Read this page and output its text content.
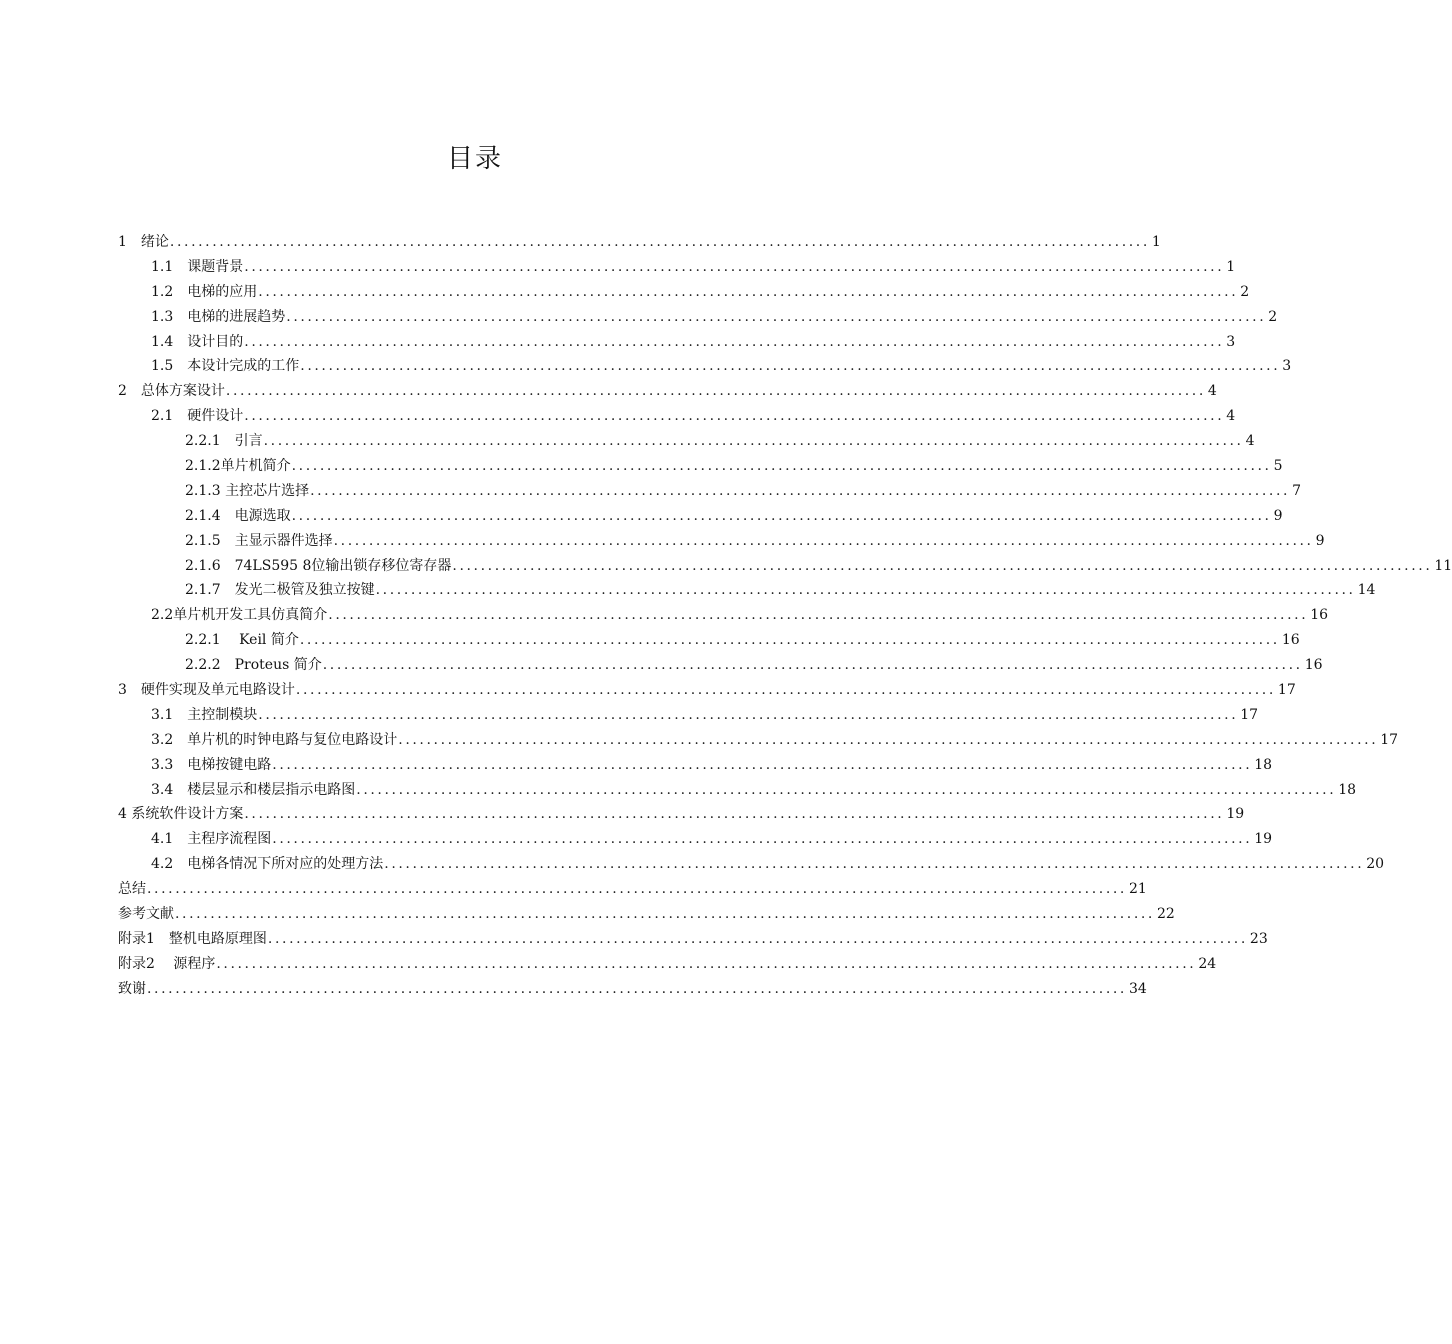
目录
1　绪论 ........................................................................................................................................... 1
1.1　课题背景 ........................................................................................................................................... 1
1.2　电梯的应用 ........................................................................................................................................... 2
1.3　电梯的进展趋势 ........................................................................................................................................... 2
1.4　设计目的 ........................................................................................................................................... 3
1.5　本设计完成的工作 ........................................................................................................................................... 3
2　总体方案设计 ........................................................................................................................................... 4
2.1　硬件设计 ........................................................................................................................................... 4
2.2.1　引言 ........................................................................................................................................... 4
2.1.2单片机简介 ........................................................................................................................................... 5
2.1.3 主控芯片选择 ........................................................................................................................................... 7
2.1.4　电源选取 ........................................................................................................................................... 9
2.1.5　主显示器件选择 ........................................................................................................................................... 9
2.1.6　74LS595 8位输出锁存移位寄存器 ........................................................................................................................................... 11
2.1.7　发光二极管及独立按键 ........................................................................................................................................... 14
2.2单片机开发工具仿真简介 ........................................................................................................................................... 16
2.2.1　 Keil 简介 ........................................................................................................................................... 16
2.2.2　Proteus 简介 ........................................................................................................................................... 16
3　硬件实现及单元电路设计 ........................................................................................................................................... 17
3.1　主控制模块 ........................................................................................................................................... 17
3.2　单片机的时钟电路与复位电路设计 ........................................................................................................................................... 17
3.3　电梯按键电路 ........................................................................................................................................... 18
3.4　楼层显示和楼层指示电路图 ........................................................................................................................................... 18
4 系统软件设计方案 ........................................................................................................................................... 19
4.1　主程序流程图 ........................................................................................................................................... 19
4.2　电梯各情况下所对应的处理方法 ........................................................................................................................................... 20
总结 ........................................................................................................................................... 21
参考文献 ........................................................................................................................................... 22
附录1　整机电路原理图 ........................................................................................................................................... 23
附录2　 源程序 ........................................................................................................................................... 24
致谢 ........................................................................................................................................... 34
